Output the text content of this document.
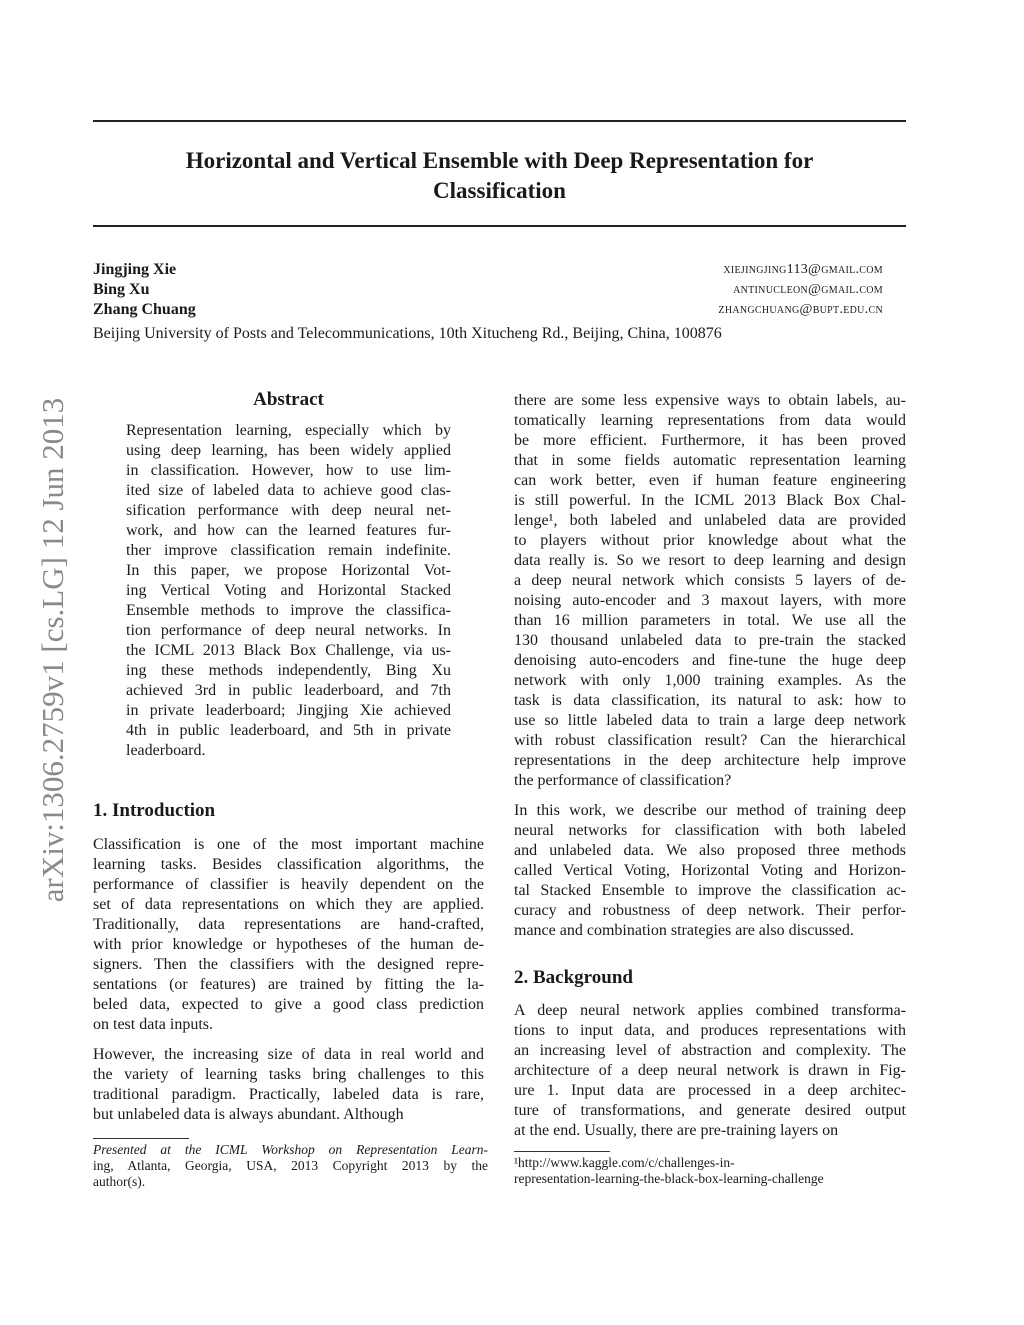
arXiv:1306.2759v1 [cs.LG] 12 Jun 2013
Horizontal and Vertical Ensemble with Deep Representation for
Classification
Jingjing Xie	xiejingjing113@gmail.com
Bing Xu	antinucleon@gmail.com
Zhang Chuang	zhangchuang@bupt.edu.cn
Beijing University of Posts and Telecommunications, 10th Xitucheng Rd., Beijing, China, 100876
Abstract
Representation learning, especially which by
using deep learning, has been widely applied
in classification. However, how to use lim-
ited size of labeled data to achieve good clas-
sification performance with deep neural net-
work, and how can the learned features fur-
ther improve classification remain indefinite.
In this paper, we propose Horizontal Vot-
ing Vertical Voting and Horizontal Stacked
Ensemble methods to improve the classifica-
tion performance of deep neural networks. In
the ICML 2013 Black Box Challenge, via us-
ing these methods independently, Bing Xu
achieved 3rd in public leaderboard, and 7th
in private leaderboard; Jingjing Xie achieved
4th in public leaderboard, and 5th in private
leaderboard.
1. Introduction
Classification is one of the most important machine
learning tasks. Besides classification algorithms, the
performance of classifier is heavily dependent on the
set of data representations on which they are applied.
Traditionally, data representations are hand-crafted,
with prior knowledge or hypotheses of the human de-
signers. Then the classifiers with the designed repre-
sentations (or features) are trained by fitting the la-
beled data, expected to give a good class prediction
on test data inputs.
However, the increasing size of data in real world and
the variety of learning tasks bring challenges to this
traditional paradigm. Practically, labeled data is rare,
but unlabeled data is always abundant. Although
Presented at the ICML Workshop on Representation Learn-
ing, Atlanta, Georgia, USA, 2013 Copyright 2013 by the
author(s).
there are some less expensive ways to obtain labels, au-
tomatically learning representations from data would
be more efficient. Furthermore, it has been proved
that in some fields automatic representation learning
can work better, even if human feature engineering
is still powerful. In the ICML 2013 Black Box Chal-
lenge¹, both labeled and unlabeled data are provided
to players without prior knowledge about what the
data really is. So we resort to deep learning and design
a deep neural network which consists 5 layers of de-
noising auto-encoder and 3 maxout layers, with more
than 16 million parameters in total. We use all the
130 thousand unlabeled data to pre-train the stacked
denoising auto-encoders and fine-tune the huge deep
network with only 1,000 training examples. As the
task is data classification, its natural to ask: how to
use so little labeled data to train a large deep network
with robust classification result? Can the hierarchical
representations in the deep architecture help improve
the performance of classification?
In this work, we describe our method of training deep
neural networks for classification with both labeled
and unlabeled data. We also proposed three methods
called Vertical Voting, Horizontal Voting and Horizon-
tal Stacked Ensemble to improve the classification ac-
curacy and robustness of deep network. Their perfor-
mance and combination strategies are also discussed.
2. Background
A deep neural network applies combined transforma-
tions to input data, and produces representations with
an increasing level of abstraction and complexity. The
architecture of a deep neural network is drawn in Fig-
ure 1. Input data are processed in a deep architec-
ture of transformations, and generate desired output
at the end. Usually, there are pre-training layers on
¹http://www.kaggle.com/c/challenges-in-
representation-learning-the-black-box-learning-challenge
